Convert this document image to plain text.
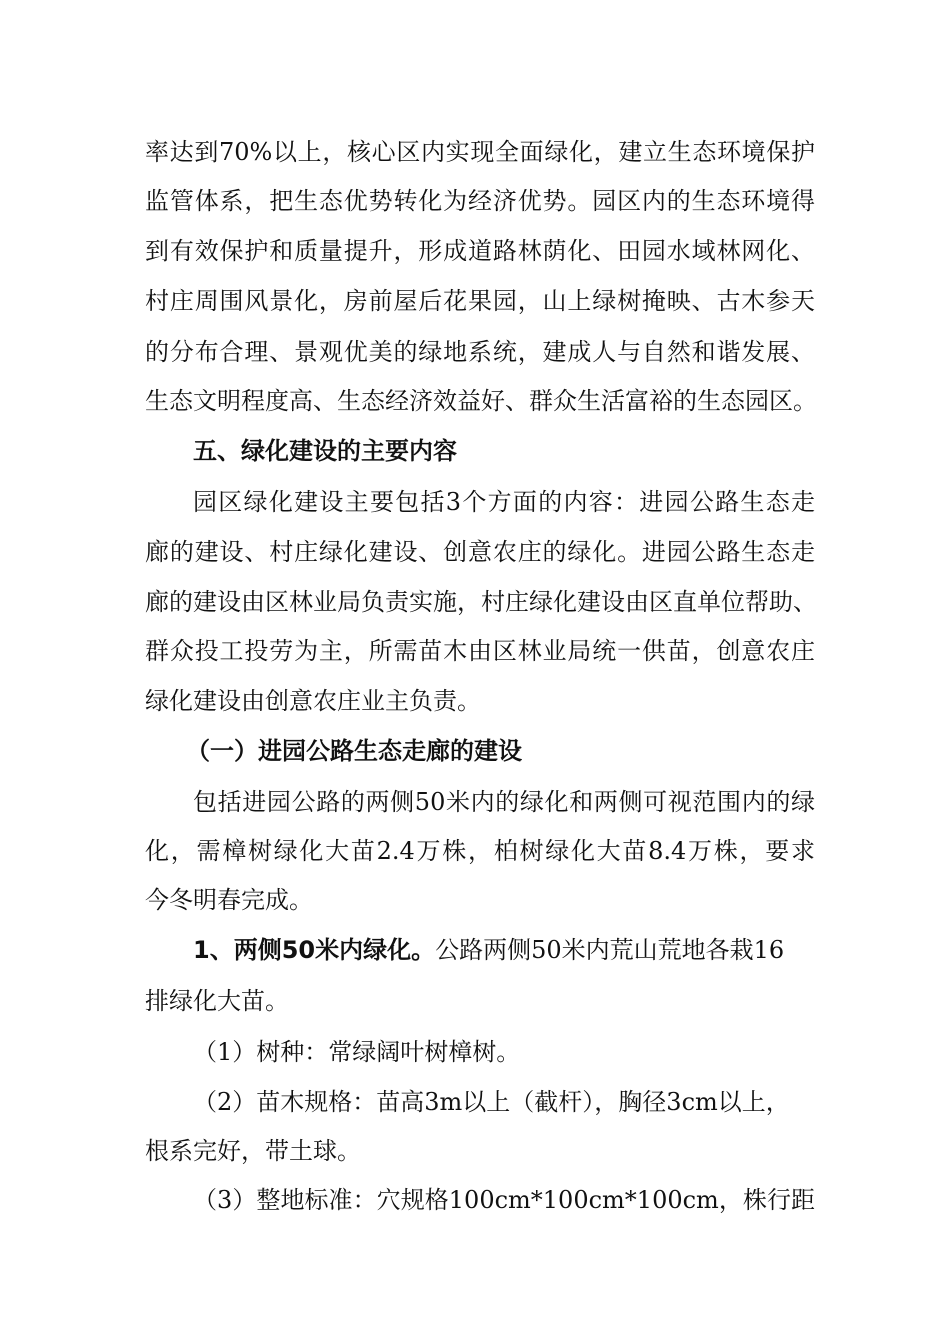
率达到70%以上，核心区内实现全面绿化，建立生态环境保护
监管体系，把生态优势转化为经济优势。园区内的生态环境得
到有效保护和质量提升，形成道路林荫化、田园水域林网化、
村庄周围风景化，房前屋后花果园，山上绿树掩映、古木参天
的分布合理、景观优美的绿地系统，建成人与自然和谐发展、
生态文明程度高、生态经济效益好、群众生活富裕的生态园区。
五、绿化建设的主要内容
园区绿化建设主要包括3个方面的内容：进园公路生态走
廊的建设、村庄绿化建设、创意农庄的绿化。进园公路生态走
廊的建设由区林业局负责实施，村庄绿化建设由区直单位帮助、
群众投工投劳为主，所需苗木由区林业局统一供苗，创意农庄
绿化建设由创意农庄业主负责。
（一）进园公路生态走廊的建设
包括进园公路的两侧50米内的绿化和两侧可视范围内的绿
化，需樟树绿化大苗2.4万株，柏树绿化大苗8.4万株，要求
今冬明春完成。
1、两侧50米内绿化。公路两侧50米内荒山荒地各栽16
排绿化大苗。
（1）树种：常绿阔叶树樟树。
（2）苗木规格：苗高3m以上（截杆），胸径3cm以上，
根系完好，带土球。
（3）整地标准：穴规格100cm*100cm*100cm，株行距
